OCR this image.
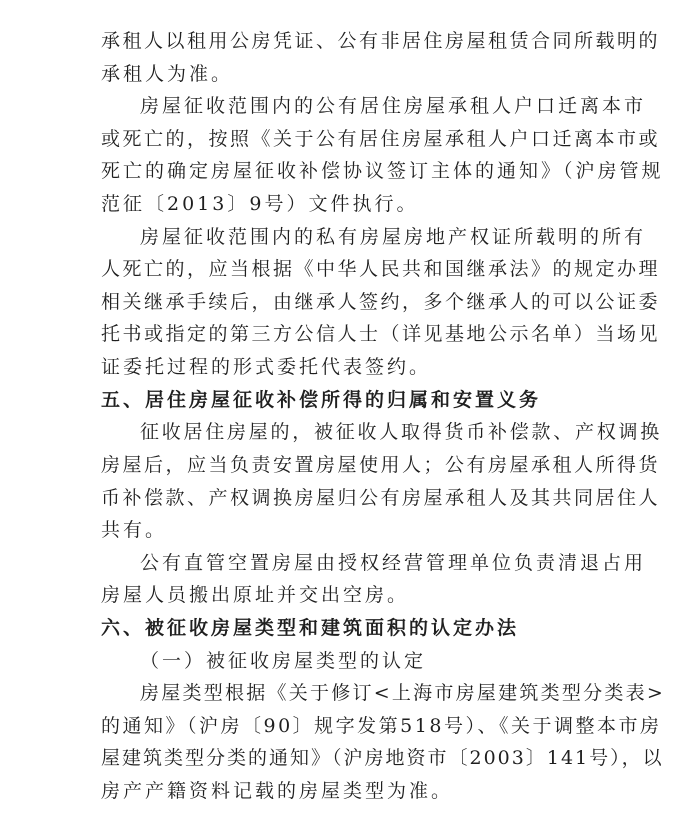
承租人以租用公房凭证、公有非居住房屋租赁合同所载明的
承租人为准。
房屋征收范围内的公有居住房屋承租人户口迁离本市
或死亡的，按照《关于公有居住房屋承租人户口迁离本市或
死亡的确定房屋征收补偿协议签订主体的通知》（沪房管规
范征〔2013〕9号）文件执行。
房屋征收范围内的私有房屋房地产权证所载明的所有
人死亡的，应当根据《中华人民共和国继承法》的规定办理
相关继承手续后，由继承人签约，多个继承人的可以公证委
托书或指定的第三方公信人士（详见基地公示名单）当场见
证委托过程的形式委托代表签约。
五、居住房屋征收补偿所得的归属和安置义务
征收居住房屋的，被征收人取得货币补偿款、产权调换
房屋后，应当负责安置房屋使用人；公有房屋承租人所得货
币补偿款、产权调换房屋归公有房屋承租人及其共同居住人
共有。
公有直管空置房屋由授权经营管理单位负责清退占用
房屋人员搬出原址并交出空房。
六、被征收房屋类型和建筑面积的认定办法
（一）被征收房屋类型的认定
房屋类型根据《关于修订<上海市房屋建筑类型分类表>
的通知》（沪房〔90〕规字发第518号）、《关于调整本市房
屋建筑类型分类的通知》（沪房地资市〔2003〕141号），以
房产产籍资料记载的房屋类型为准。
